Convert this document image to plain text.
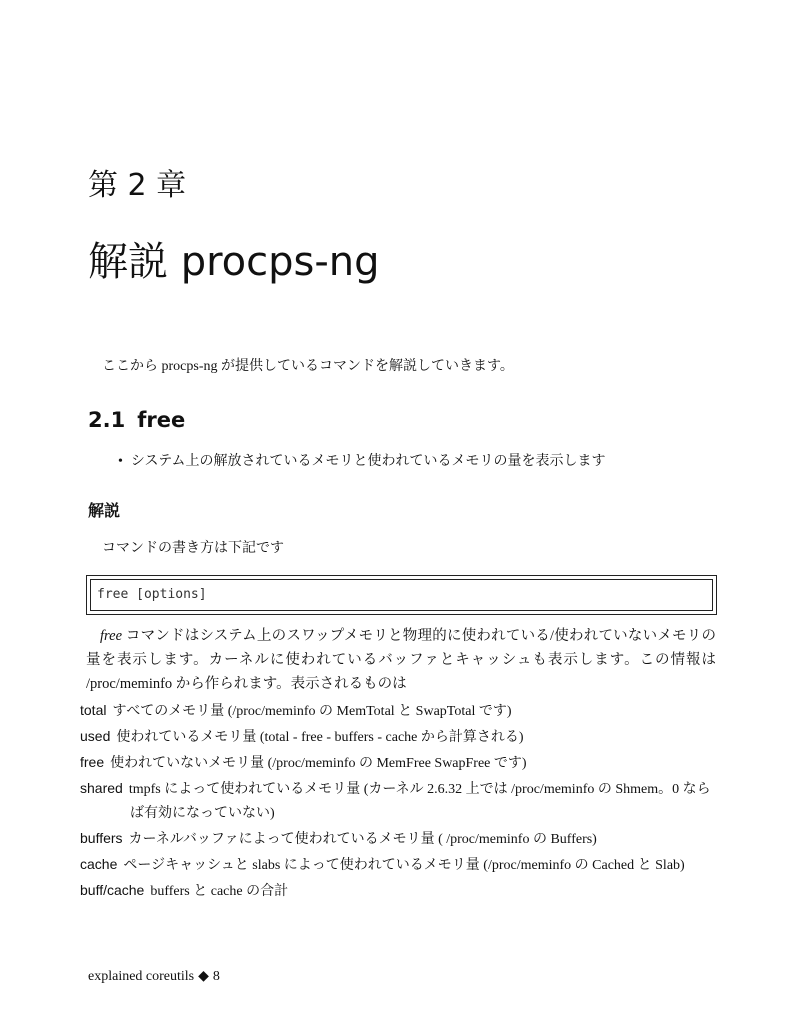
第 2 章
解説 procps-ng
ここから procps-ng が提供しているコマンドを解説していきます。
2.1 free
• システム上の解放されているメモリと使われているメモリの量を表示します
解説
コマンドの書き方は下記です
free [options]

free コマンドはシステム上のスワップメモリと物理的に使われている/使われていないメモリの量を表示します。カーネルに使われているバッファとキャッシュも表示します。この情報は /proc/meminfo から作られます。表示されるものは

total すべてのメモリ量 (/proc/meminfo の MemTotal と SwapTotal です)
used 使われているメモリ量 (total - free - buffers - cache から計算される)
free 使われていないメモリ量 (/proc/meminfo の MemFree SwapFree です)
shared tmpfs によって使われているメモリ量 (カーネル 2.6.32 上では /proc/meminfo の Shmem。0 ならば有効になっていない)
buffers カーネルバッファによって使われているメモリ量 ( /proc/meminfo の Buffers)
cache ページキャッシュと slabs によって使われているメモリ量 (/proc/meminfo の Cached と Slab)
buff/cache buffers と cache の合計
explained coreutils ◆ 8
